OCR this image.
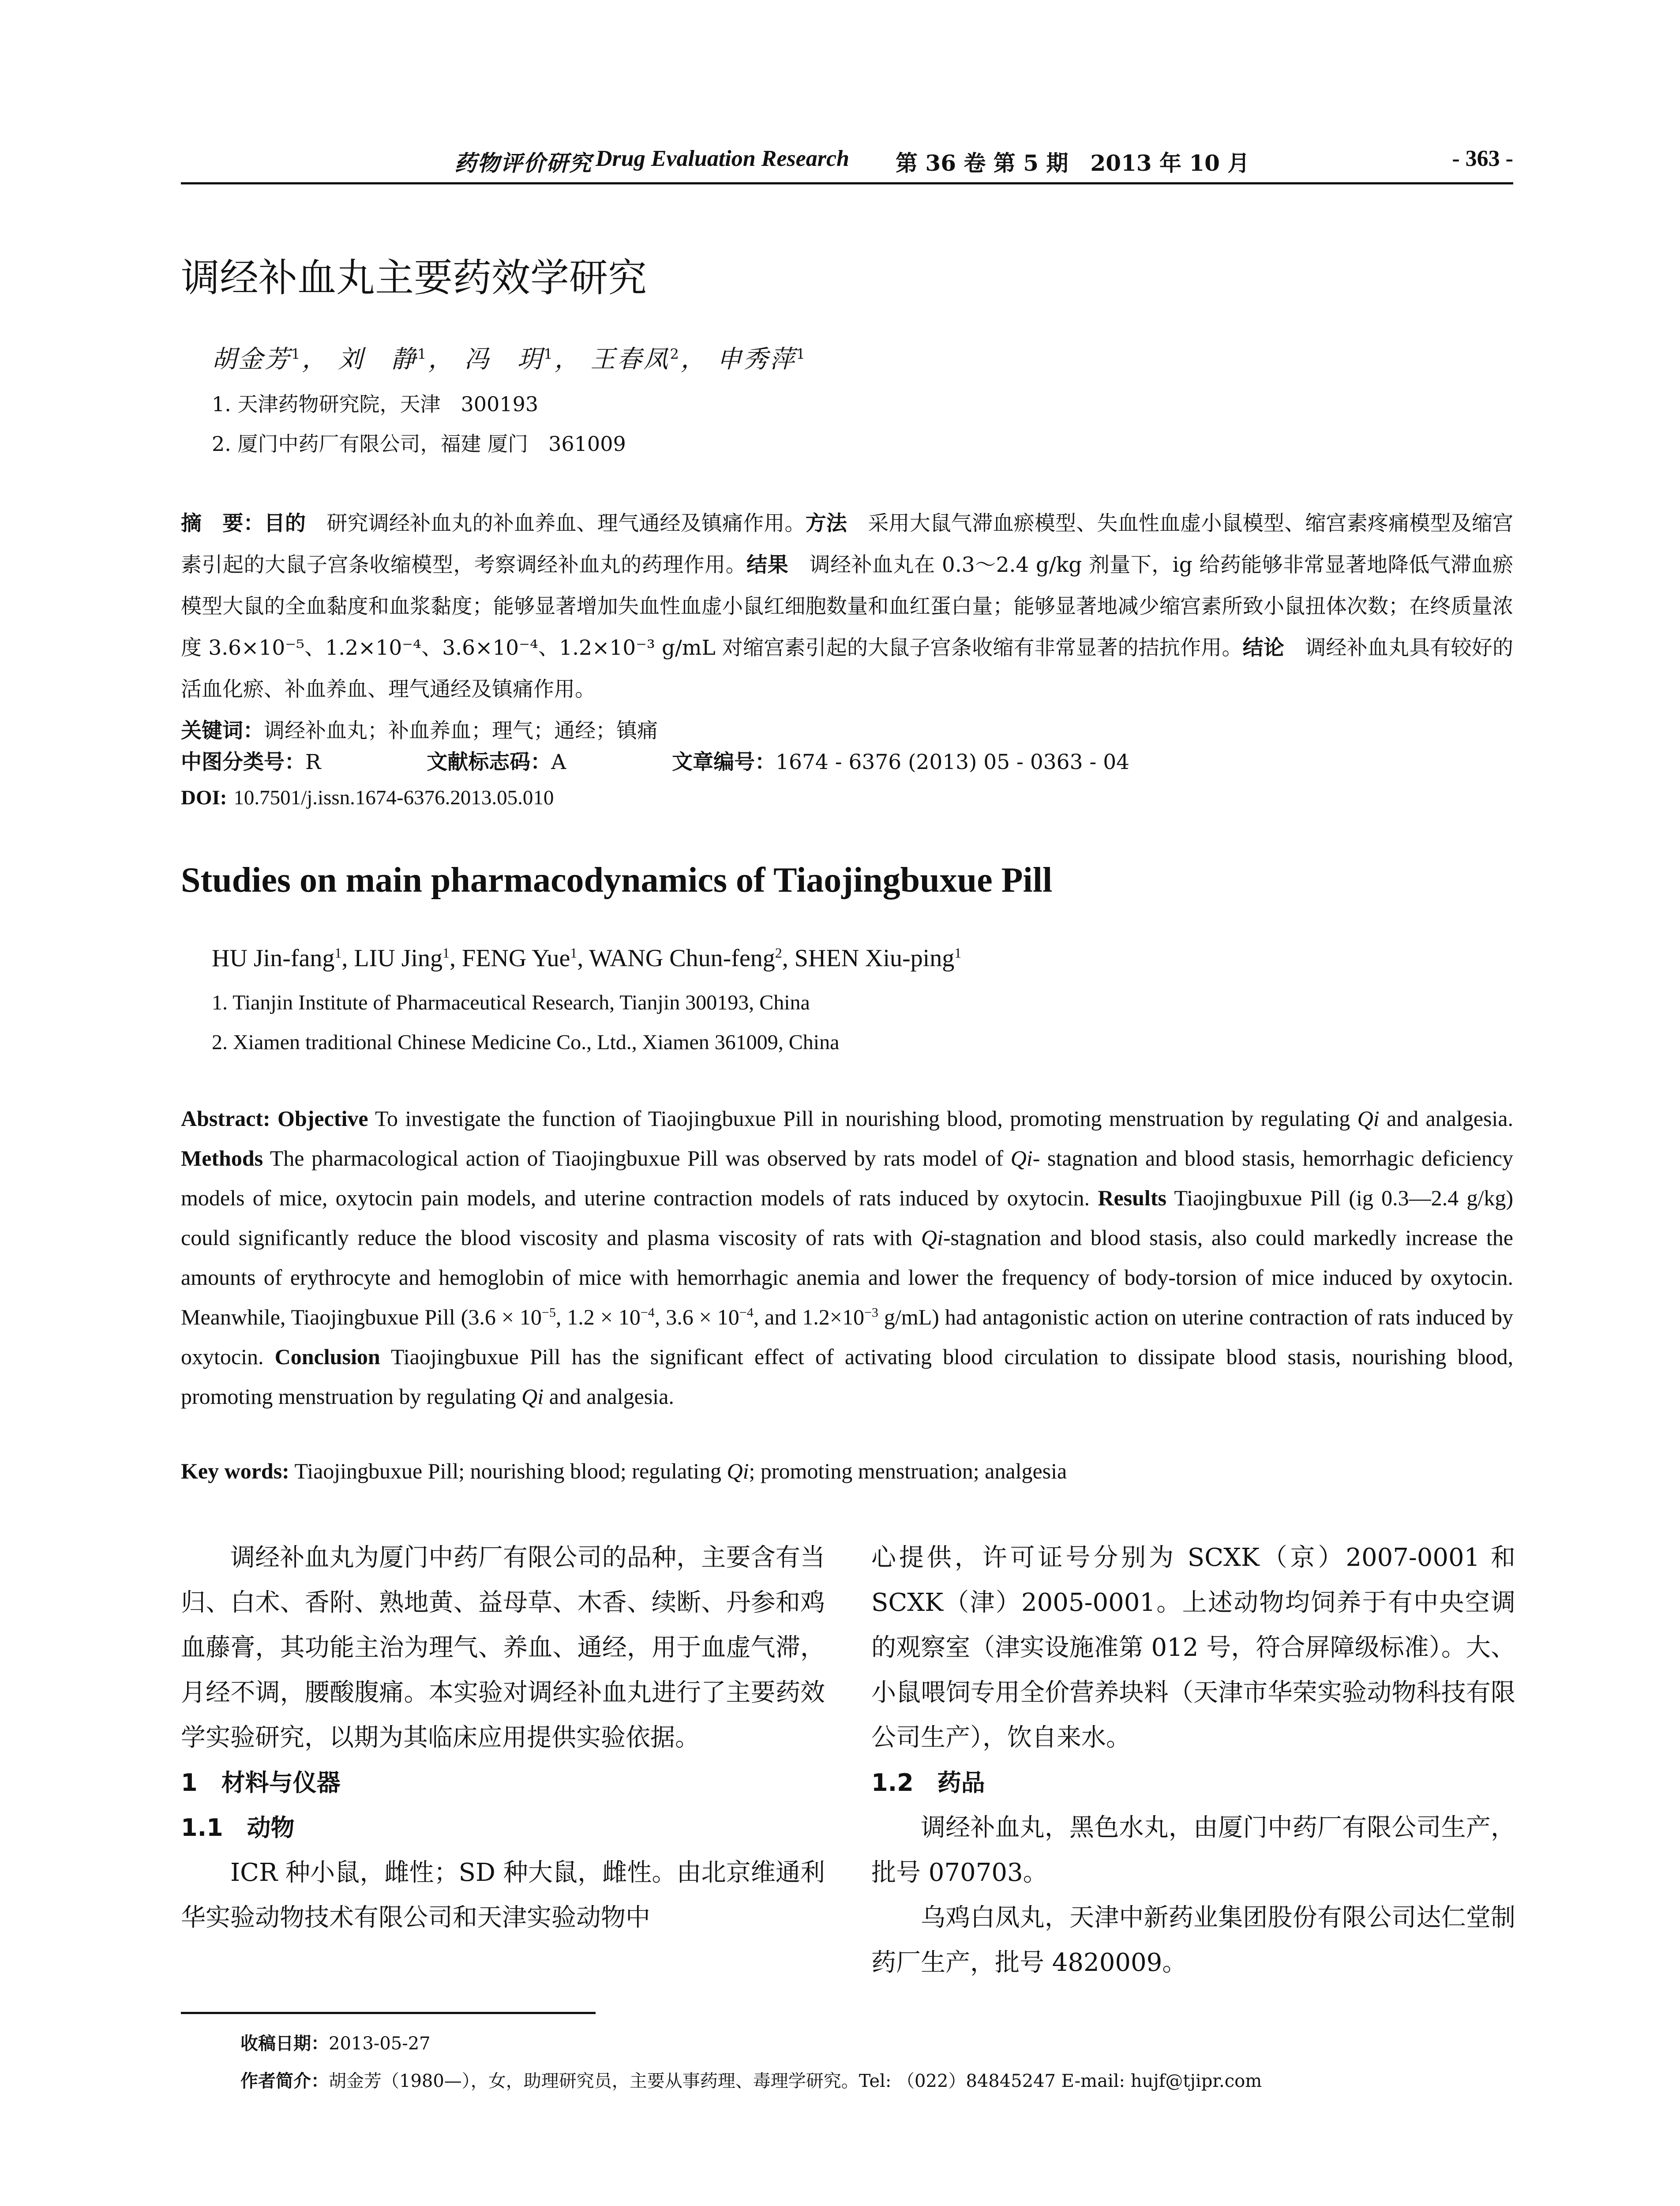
药物评价研究 Drug Evaluation Research 第 36 卷 第 5 期　2013 年 10 月	- 363 -
调经补血丸主要药效学研究
胡金芳$^1$， 刘　静$^1$， 冯　玥$^1$， 王春凤$^2$， 申秀萍$^1$
1. 天津药物研究院，天津　300193
2. 厦门中药厂有限公司，福建 厦门　361009
摘　要：目的　研究调经补血丸的补血养血、理气通经及镇痛作用。方法　采用大鼠气滞血瘀模型、失血性血虚小鼠模型、缩宫素疼痛模型及缩宫素引起的大鼠子宫条收缩模型，考察调经补血丸的药理作用。结果　调经补血丸在 0.3～2.4 g/kg 剂量下，ig 给药能够非常显著地降低气滞血瘀模型大鼠的全血黏度和血浆黏度；能够显著增加失血性血虚小鼠红细胞数量和血红蛋白量；能够显著地减少缩宫素所致小鼠扭体次数；在终质量浓度 3.6×10⁻⁵、1.2×10⁻⁴、3.6×10⁻⁴、1.2×10⁻³ g/mL 对缩宫素引起的大鼠子宫条收缩有非常显著的拮抗作用。结论　调经补血丸具有较好的活血化瘀、补血养血、理气通经及镇痛作用。
关键词：调经补血丸；补血养血；理气；通经；镇痛
中图分类号：R	文献标志码：A	文章编号：1674 - 6376 (2013) 05 - 0363 - 04
DOI: 10.7501/j.issn.1674-6376.2013.05.010
Studies on main pharmacodynamics of Tiaojingbuxue Pill
HU Jin-fang$^1$, LIU Jing$^1$, FENG Yue$^1$, WANG Chun-feng$^2$, SHEN Xiu-ping$^1$
1. Tianjin Institute of Pharmaceutical Research, Tianjin 300193, China
2. Xiamen traditional Chinese Medicine Co., Ltd., Xiamen 361009, China
Abstract: Objective To investigate the function of Tiaojingbuxue Pill in nourishing blood, promoting menstruation by regulating Qi and analgesia. Methods The pharmacological action of Tiaojingbuxue Pill was observed by rats model of Qi- stagnation and blood stasis, hemorrhagic deficiency models of mice, oxytocin pain models, and uterine contraction models of rats induced by oxytocin. Results Tiaojingbuxue Pill (ig 0.3—2.4 g/kg) could significantly reduce the blood viscosity and plasma viscosity of rats with Qi-stagnation and blood stasis, also could markedly increase the amounts of erythrocyte and hemoglobin of mice with hemorrhagic anemia and lower the frequency of body-torsion of mice induced by oxytocin. Meanwhile, Tiaojingbuxue Pill ($3.6 \times 10^{-5}$, $1.2 \times 10^{-4}$, $3.6 \times 10^{-4}$, and $1.2\times 10^{-3}$ g/mL) had antagonistic action on uterine contraction of rats induced by oxytocin. Conclusion Tiaojingbuxue Pill has the significant effect of activating blood circulation to dissipate blood stasis, nourishing blood, promoting menstruation by regulating Qi and analgesia.
Key words: Tiaojingbuxue Pill; nourishing blood; regulating Qi; promoting menstruation; analgesia

调经补血丸为厦门中药厂有限公司的品种，主要含有当归、白术、香附、熟地黄、益母草、木香、续断、丹参和鸡血藤膏，其功能主治为理气、养血、通经，用于血虚气滞，月经不调，腰酸腹痛。本实验对调经补血丸进行了主要药效学实验研究，以期为其临床应用提供实验依据。

1　材料与仪器
1.1　动物

ICR 种小鼠，雌性；SD 种大鼠，雌性。由北京维通利华实验动物技术有限公司和天津实验动物中

心提供，许可证号分别为 SCXK（京）2007-0001 和 SCXK（津）2005-0001。上述动物均饲养于有中央空调的观察室（津实设施准第 012 号，符合屏障级标准）。大、小鼠喂饲专用全价营养块料（天津市华荣实验动物科技有限公司生产），饮自来水。

1.2　药品

调经补血丸，黑色水丸，由厦门中药厂有限公司生产，批号 070703。

乌鸡白凤丸，天津中新药业集团股份有限公司达仁堂制药厂生产，批号 4820009。

收稿日期：2013-05-27
作者简介：胡金芳（1980—），女，助理研究员，主要从事药理、毒理学研究。Tel: （022）84845247 E-mail: hujf@tjipr.com
